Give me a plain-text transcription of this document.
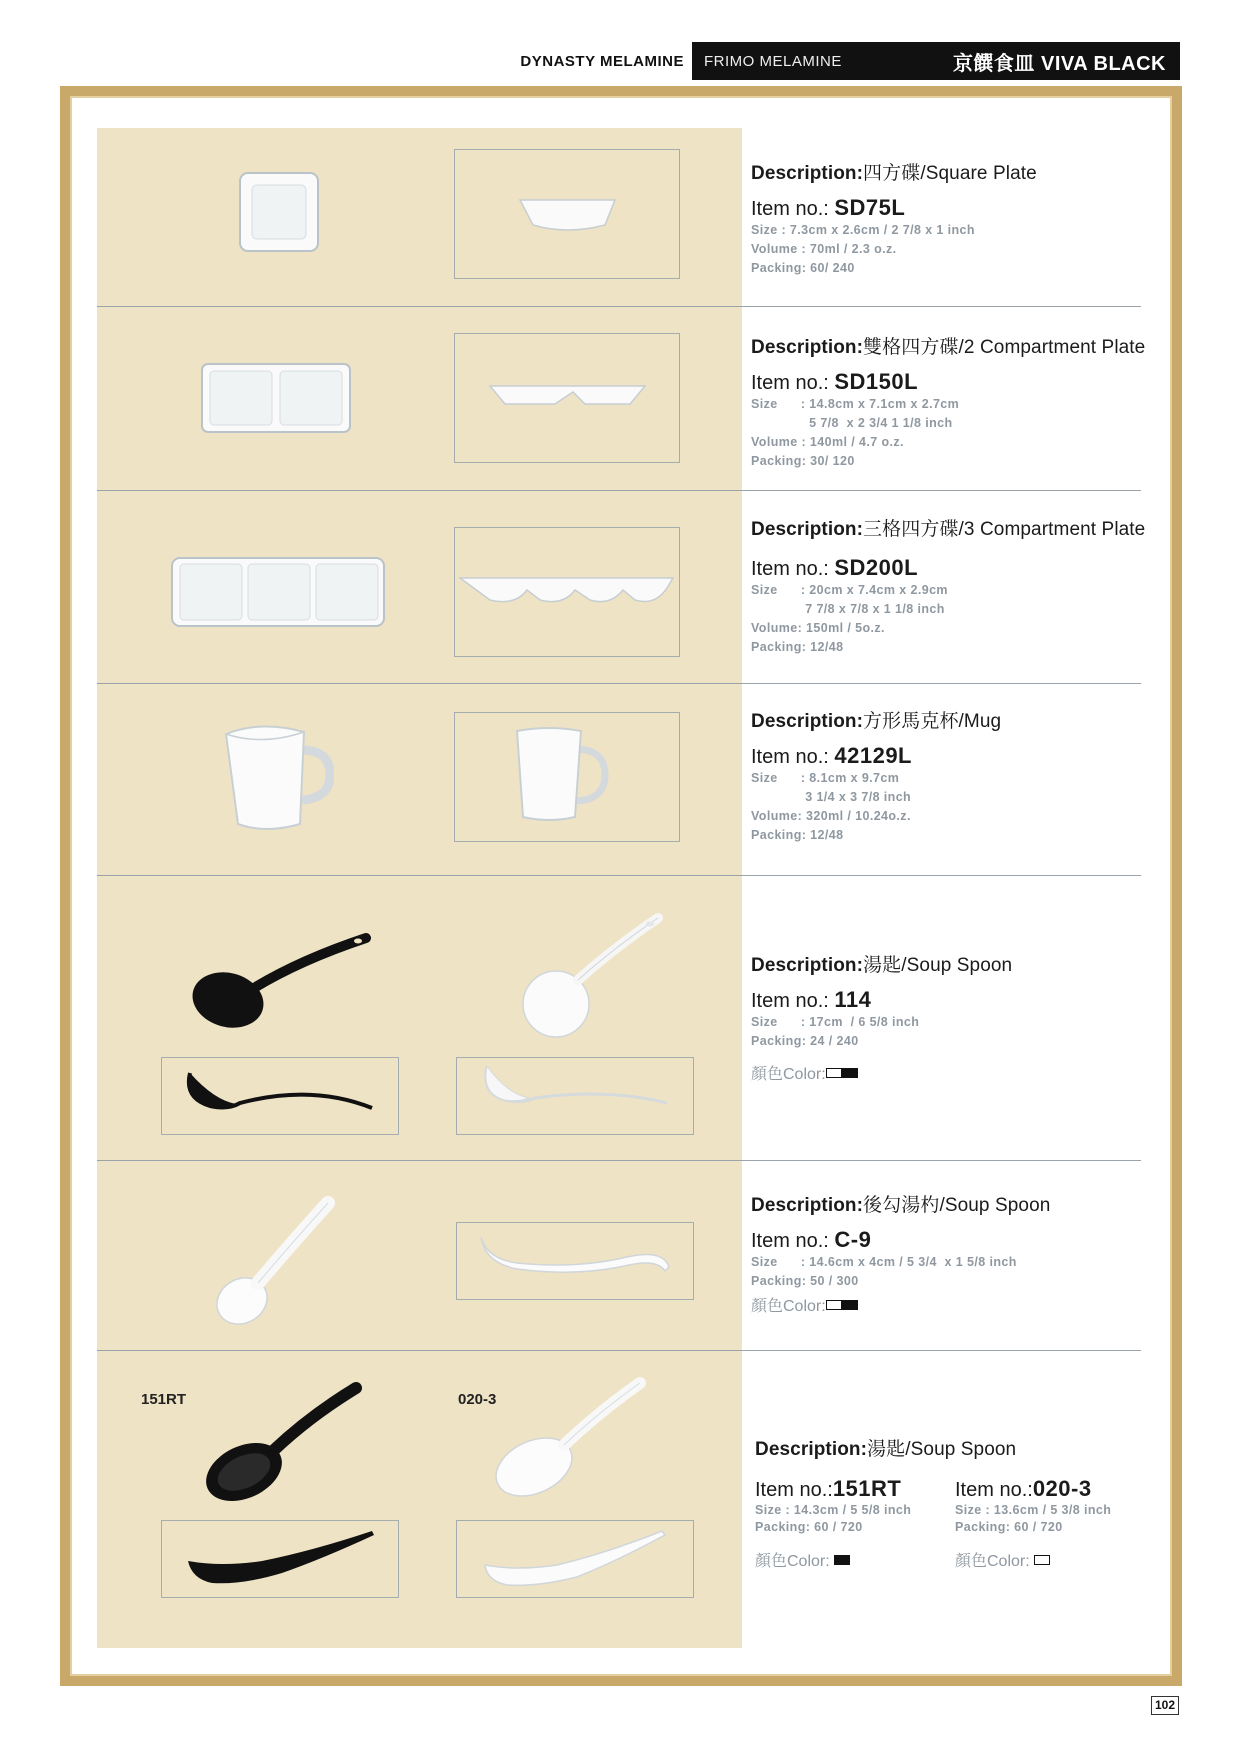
DYNASTY MELAMINE	FRIMO MELAMINE	京饌食皿 VIVA BLACK
Description:四方碟/Square Plate
Item no.: SD75L
Size : 7.3cm x 2.6cm / 2 7/8 x 1 inch
Volume : 70ml / 2.3 o.z.
Packing: 60/ 240
Description:雙格四方碟/2 Compartment Plate
Item no.: SD150L
Size      : 14.8cm x 7.1cm x 2.7cm
5 7/8  x 2 3/4 1 1/8 inch
Volume : 140ml / 4.7 o.z.
Packing: 30/ 120
Description:三格四方碟/3 Compartment Plate
Item no.: SD200L
Size      : 20cm x 7.4cm x 2.9cm
7 7/8 x 7/8 x 1 1/8 inch
Volume: 150ml / 5o.z.
Packing: 12/48
Description:方形馬克杯/Mug
Item no.: 42129L
Size      : 8.1cm x 9.7cm
3 1/4 x 3 7/8 inch
Volume: 320ml / 10.24o.z.
Packing: 12/48
Description:湯匙/Soup Spoon
Item no.: 114
Size      : 17cm  / 6 5/8 inch
Packing: 24 / 240
顏色Color:
Description:後勾湯杓/Soup Spoon
Item no.: C-9
Size      : 14.6cm x 4cm / 5 3/4  x 1 5/8 inch
Packing: 50 / 300
顏色Color:
151RT	020-3
Description:湯匙/Soup Spoon
Item no.:151RT
Size : 14.3cm / 5 5/8 inch
Packing: 60 / 720
顏色Color:
Item no.:020-3
Size : 13.6cm / 5 3/8 inch
Packing: 60 / 720
顏色Color:
102
